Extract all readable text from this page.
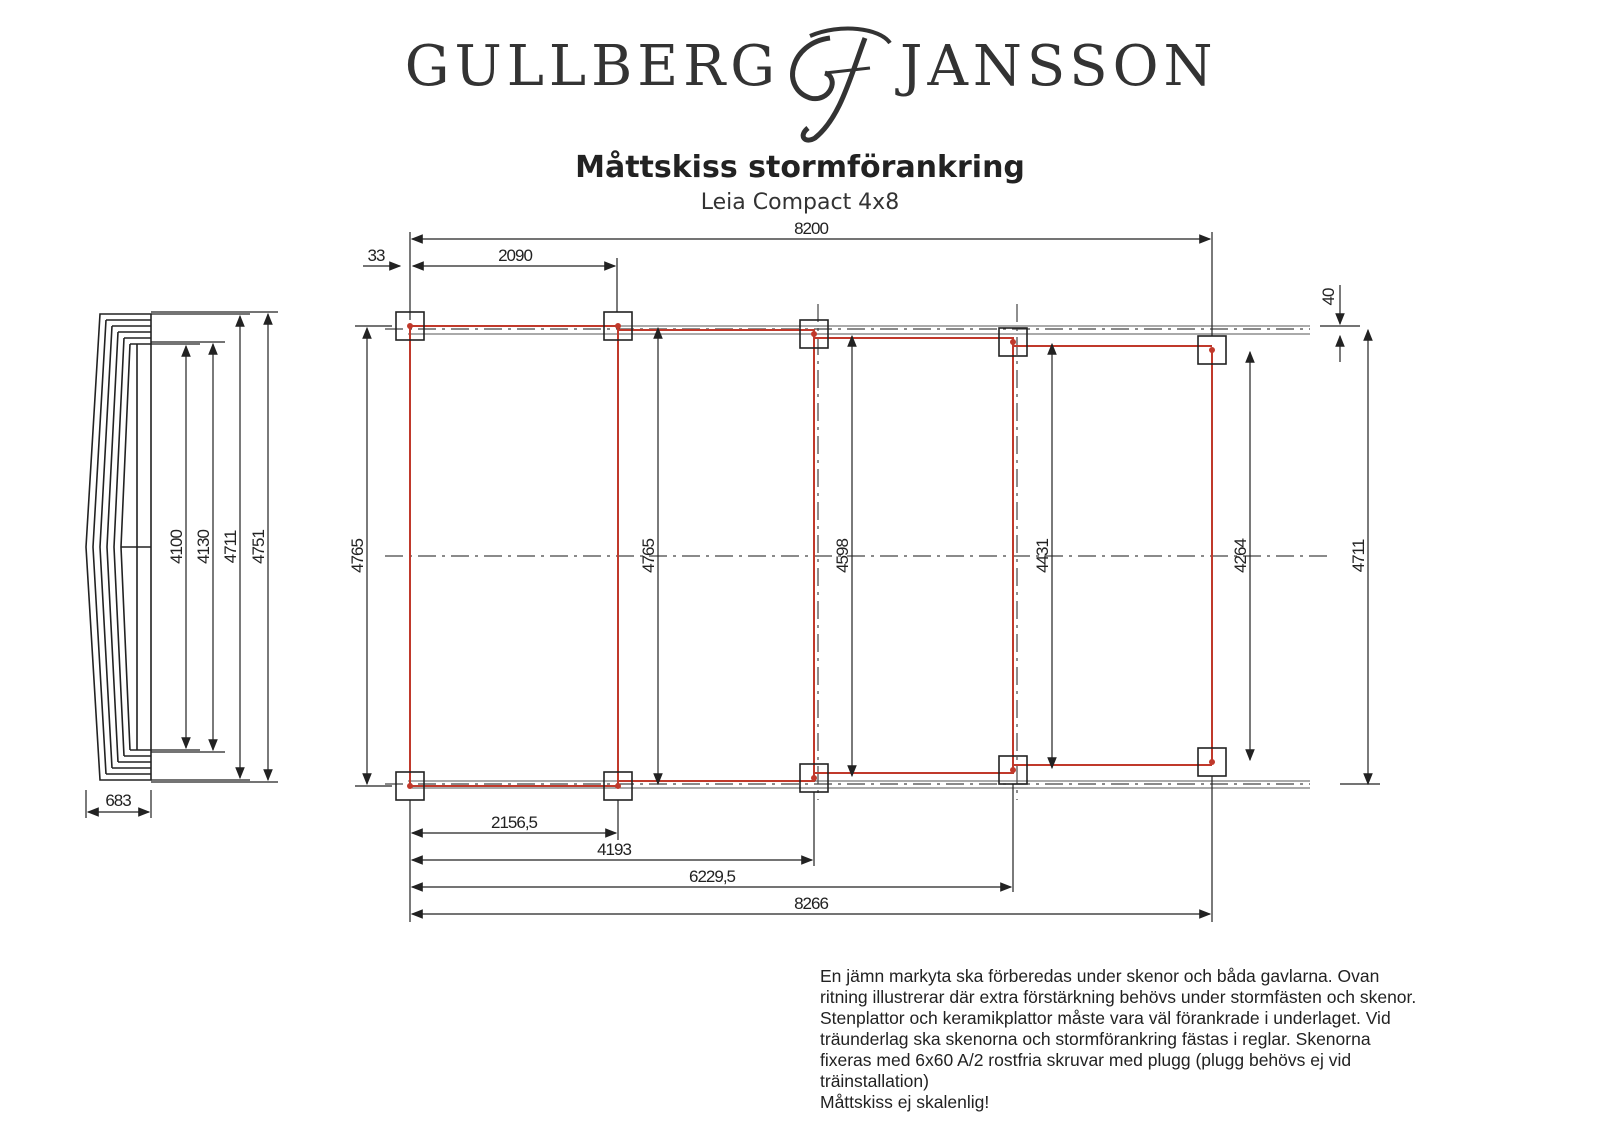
GULLBERG JANSSON
Måttskiss stormförankring
Leia Compact 4x8
4100 4130 4711 4751
683
8200
33	2090
40
4765	4765	4598	4431	4264	4711
2156,5
4193
6229,5
8266

En jämn markyta ska förberedas under skenor och båda gavlarna. Ovan ritning illustrerar där extra förstärkning behövs under stormfästen och skenor. Stenplattor och keramikplattor måste vara väl förankrade i underlaget. Vid träunderlag ska skenorna och stormförankring fästas i reglar. Skenorna fixeras med 6x60 A/2 rostfria skruvar med plugg (plugg behövs ej vid träinstallation)

Måttskiss ej skalenlig!
